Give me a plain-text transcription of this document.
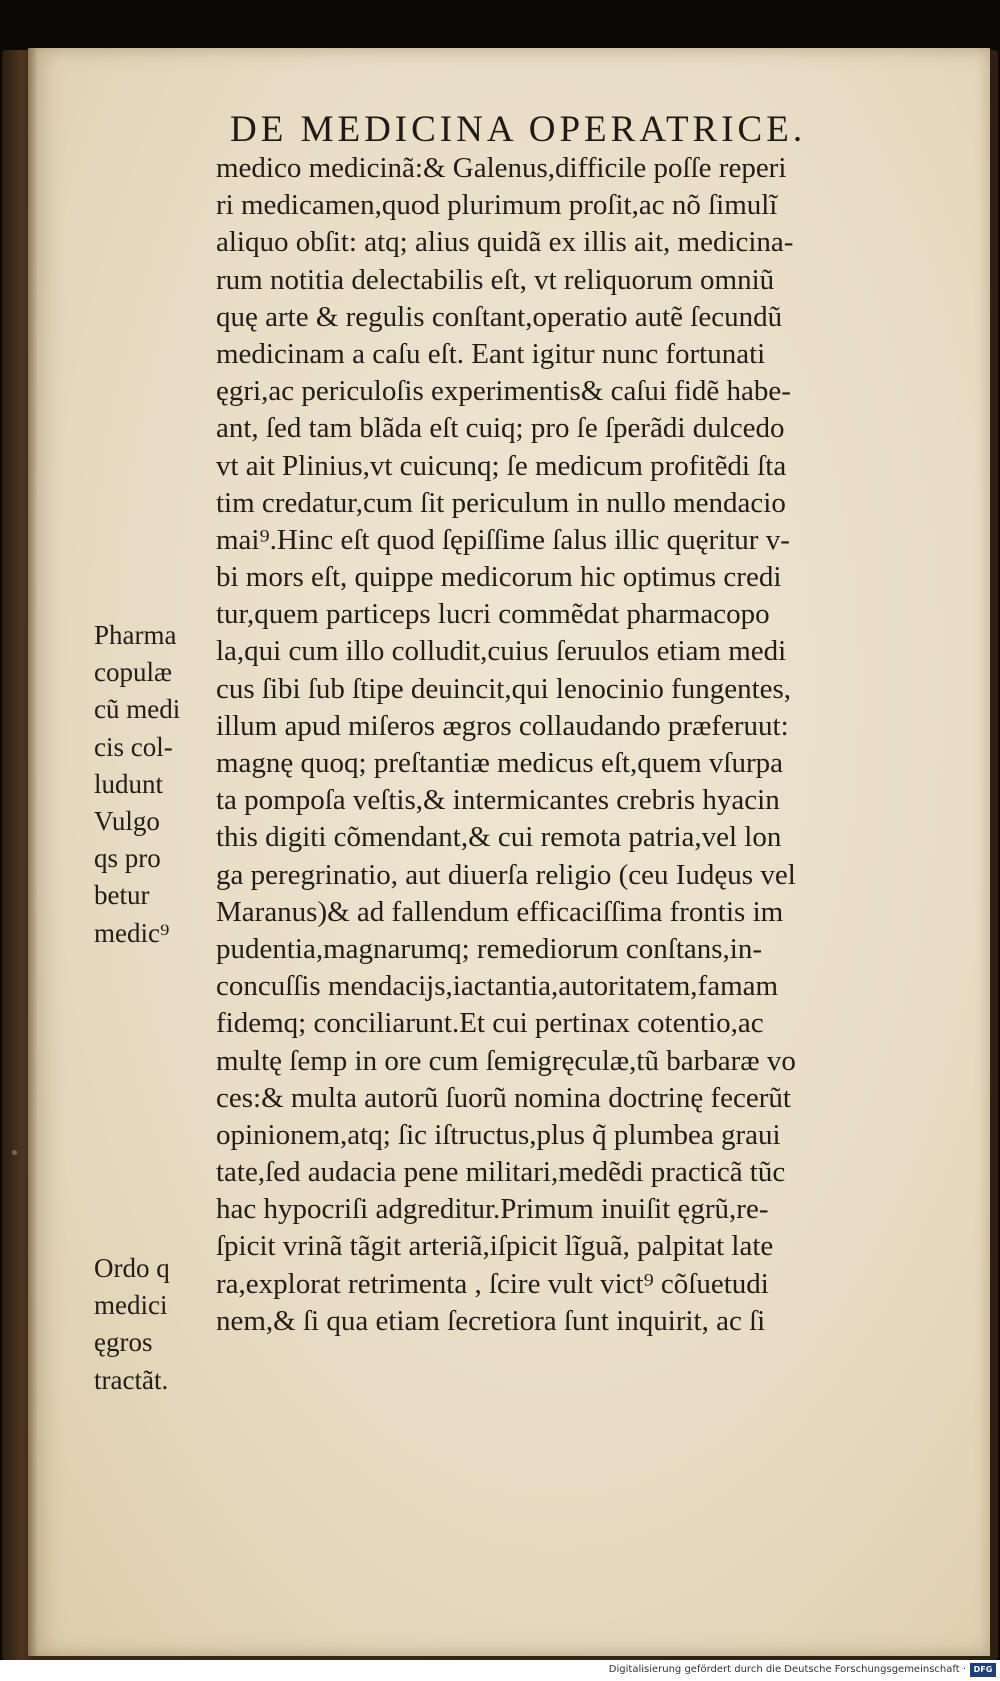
DE MEDICINA OPERATRICE.
medico medicinã:& Galenus,difficile poſſe reperi
ri medicamen,quod plurimum proſit,ac nõ ſimulĩ
aliquo obſit: atq; alius quidã ex illis ait, medicina-
rum notitia delectabilis eſt, vt reliquorum omniũ
quę arte & regulis conſtant,operatio autẽ ſecundũ
medicinam a caſu eſt. Eant igitur nunc fortunati
ęgri,ac periculoſis experimentis& caſui fidẽ habe-
ant, ſed tam blãda eſt cuiq; pro ſe ſperãdi dulcedo
vt ait Plinius,vt cuicunq; ſe medicum profitẽdi ſta
tim credatur,cum ſit periculum in nullo mendacio
mai⁹.Hinc eſt quod ſępiſſime ſalus illic quęritur v-
bi mors eſt, quippe medicorum hic optimus credi
tur,quem particeps lucri commẽdat pharmacopo
la,qui cum illo colludit,cuius ſeruulos etiam medi
cus ſibi ſub ſtipe deuincit,qui lenocinio fungentes,
illum apud miſeros ægros collaudando præferuut:
magnę quoq; preſtantiæ medicus eſt,quem vſurpa
ta pompoſa veſtis,& intermicantes crebris hyacin
this digiti cõmendant,& cui remota patria,vel lon
ga peregrinatio, aut diuerſa religio (ceu Iudęus vel
Maranus)& ad fallendum efficaciſſima frontis im
pudentia,magnarumq; remediorum conſtans,in-
concuſſis mendacijs,iactantia,autoritatem,famam
fidemq; conciliarunt.Et cui pertinax cotentio,ac
multę ſemp in ore cum ſemigręculæ,tũ barbaræ vo
ces:& multa autorũ ſuorũ nomina doctrinę fecerũt
opinionem,atq; ſic iſtructus,plus q̃ plumbea graui
tate,ſed audacia pene militari,medẽdi practicã tũc
hac hypocriſi adgreditur.Primum inuiſit ęgrũ,re-
ſpicit vrinã tãgit arteriã,iſpicit lĩguã, palpitat late
ra,explorat retrimenta , ſcire vult vict⁹ cõſuetudi
nem,& ſi qua etiam ſecretiora ſunt inquirit, ac ſi
Pharma
copulæ
cũ medi
cis col-
ludunt
Vulgo
qs pro
betur
medic⁹
Ordo q
medici
ęgros
tractãt.
Digitalisierung gefördert durch die Deutsche Forschungsgemeinschaft · DFG
